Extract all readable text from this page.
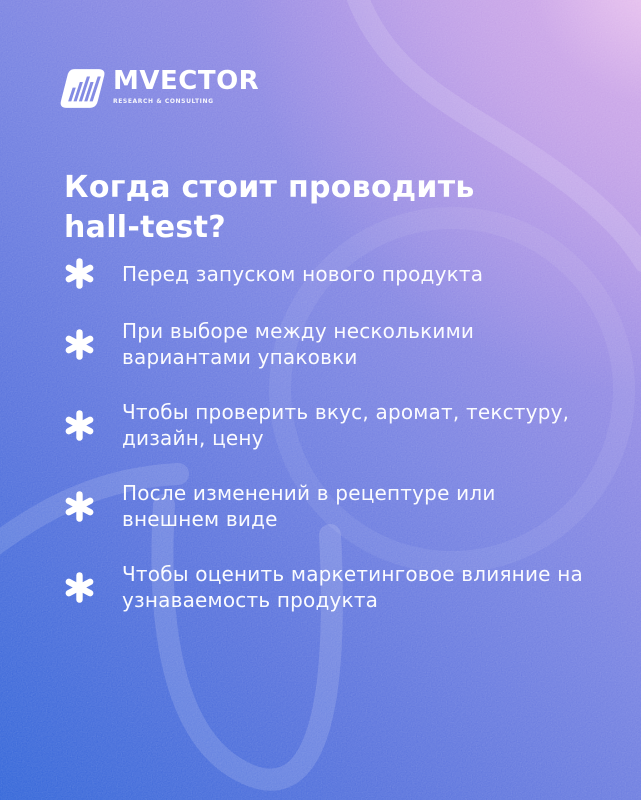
MVECTOR
RESEARCH & CONSULTING
Когда стоит проводить
hall-test?
Перед запуском нового продукта
При выборе между несколькими
вариантами упаковки
Чтобы проверить вкус, аромат, текстуру,
дизайн, цену
После изменений в рецептуре или
внешнем виде
Чтобы оценить маркетинговое влияние на
узнаваемость продукта
